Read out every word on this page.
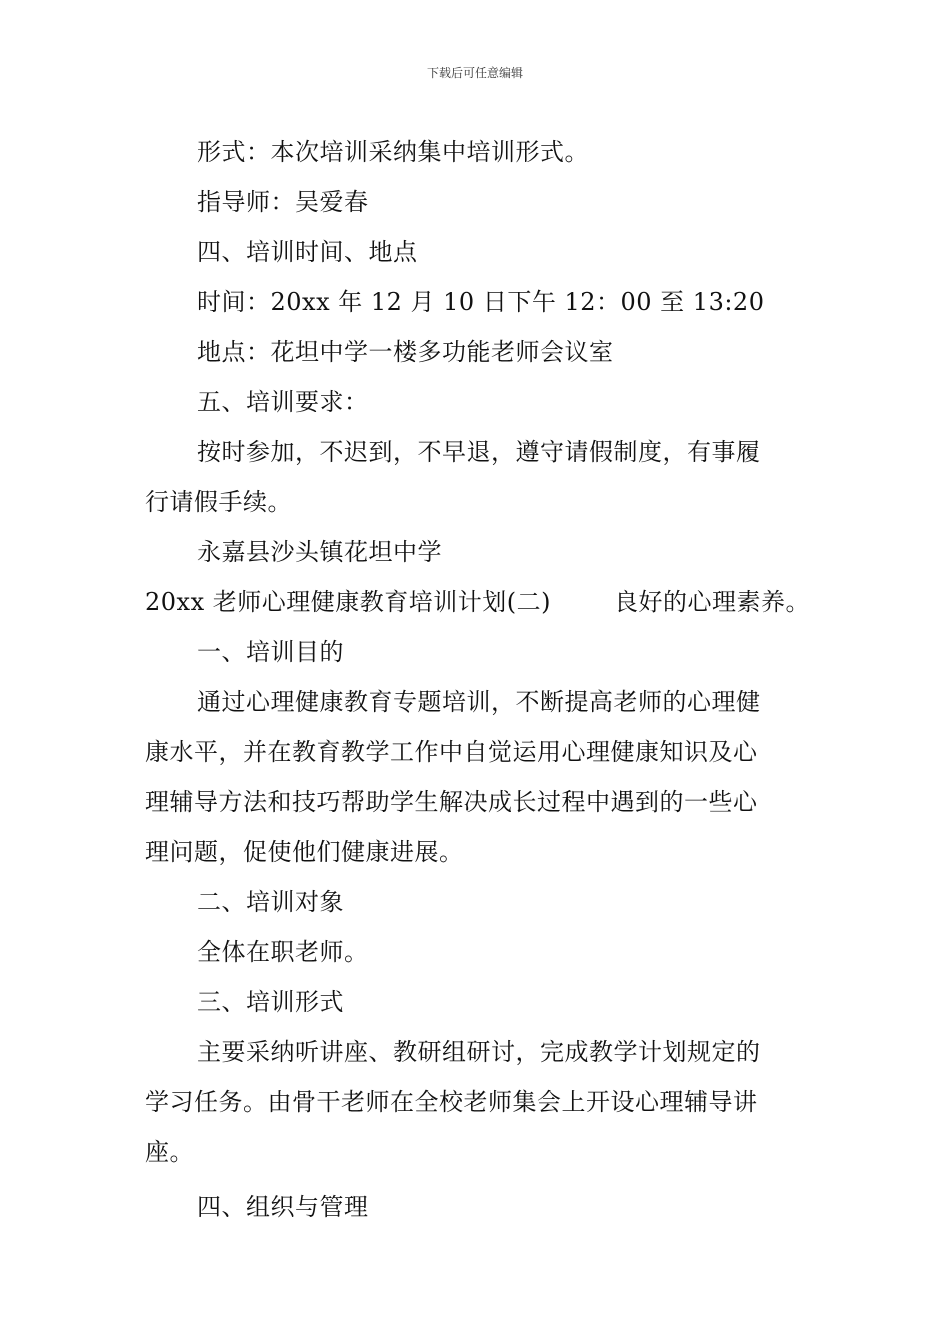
下载后可任意编辑
形式：本次培训采纳集中培训形式。
指导师：吴爱春
四、培训时间、地点
时间：20xx 年 12 月 10 日下午 12：00 至 13:20
地点：花坦中学一楼多功能老师会议室
五、培训要求：
按时参加，不迟到，不早退，遵守请假制度，有事履
行请假手续。
永嘉县沙头镇花坦中学
20xx 老师心理健康教育培训计划(二)	良好的心理素养。
一、培训目的
通过心理健康教育专题培训，不断提高老师的心理健
康水平，并在教育教学工作中自觉运用心理健康知识及心
理辅导方法和技巧帮助学生解决成长过程中遇到的一些心
理问题，促使他们健康进展。
二、培训对象
全体在职老师。
三、培训形式
主要采纳听讲座、教研组研讨，完成教学计划规定的
学习任务。由骨干老师在全校老师集会上开设心理辅导讲
座。
四、组织与管理
